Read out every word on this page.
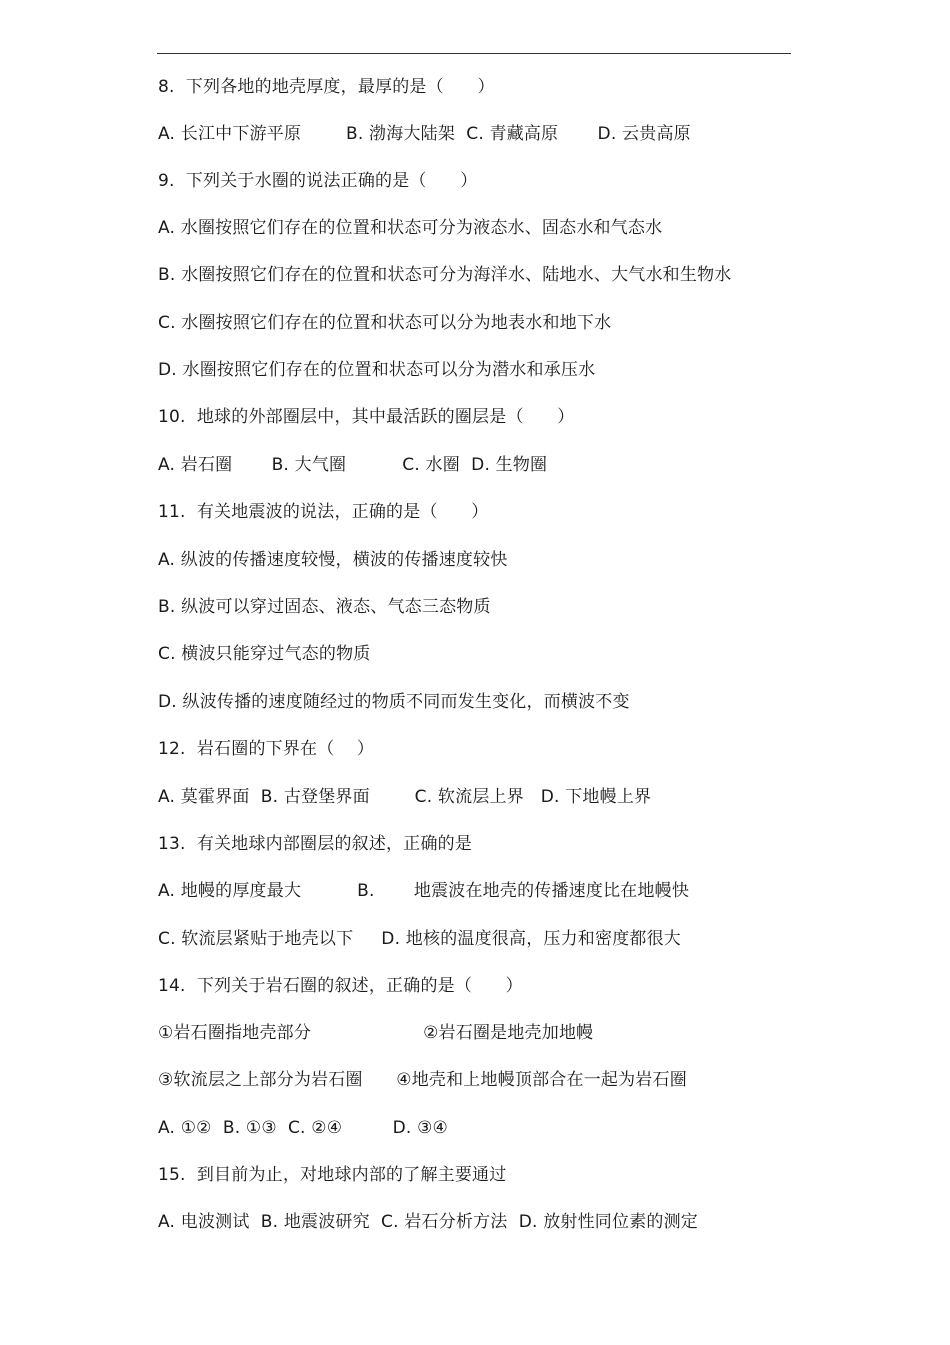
8.  下列各地的地壳厚度，最厚的是（      ）
A. 长江中下游平原        B. 渤海大陆架  C. 青藏高原       D. 云贵高原
9.  下列关于水圈的说法正确的是（      ）
A. 水圈按照它们存在的位置和状态可分为液态水、固态水和气态水
B. 水圈按照它们存在的位置和状态可分为海洋水、陆地水、大气水和生物水
C. 水圈按照它们存在的位置和状态可以分为地表水和地下水
D. 水圈按照它们存在的位置和状态可以分为潜水和承压水
10.  地球的外部圈层中，其中最活跃的圈层是（      ）
A. 岩石圈       B. 大气圈          C. 水圈  D. 生物圈
11.  有关地震波的说法，正确的是（      ）
A. 纵波的传播速度较慢，横波的传播速度较快
B. 纵波可以穿过固态、液态、气态三态物质
C. 横波只能穿过气态的物质
D. 纵波传播的速度随经过的物质不同而发生变化，而横波不变
12.  岩石圈的下界在（    ）
A. 莫霍界面  B. 古登堡界面        C. 软流层上界   D. 下地幔上界
13.  有关地球内部圈层的叙述，正确的是
A. 地幔的厚度最大          B.       地震波在地壳的传播速度比在地幔快
C. 软流层紧贴于地壳以下     D. 地核的温度很高，压力和密度都很大
14.  下列关于岩石圈的叙述，正确的是（      ）
①岩石圈指地壳部分                    ②岩石圈是地壳加地幔
③软流层之上部分为岩石圈      ④地壳和上地幔顶部合在一起为岩石圈
A. ①②  B. ①③  C. ②④         D. ③④
15.  到目前为止，对地球内部的了解主要通过
A. 电波测试  B. 地震波研究  C. 岩石分析方法  D. 放射性同位素的测定
